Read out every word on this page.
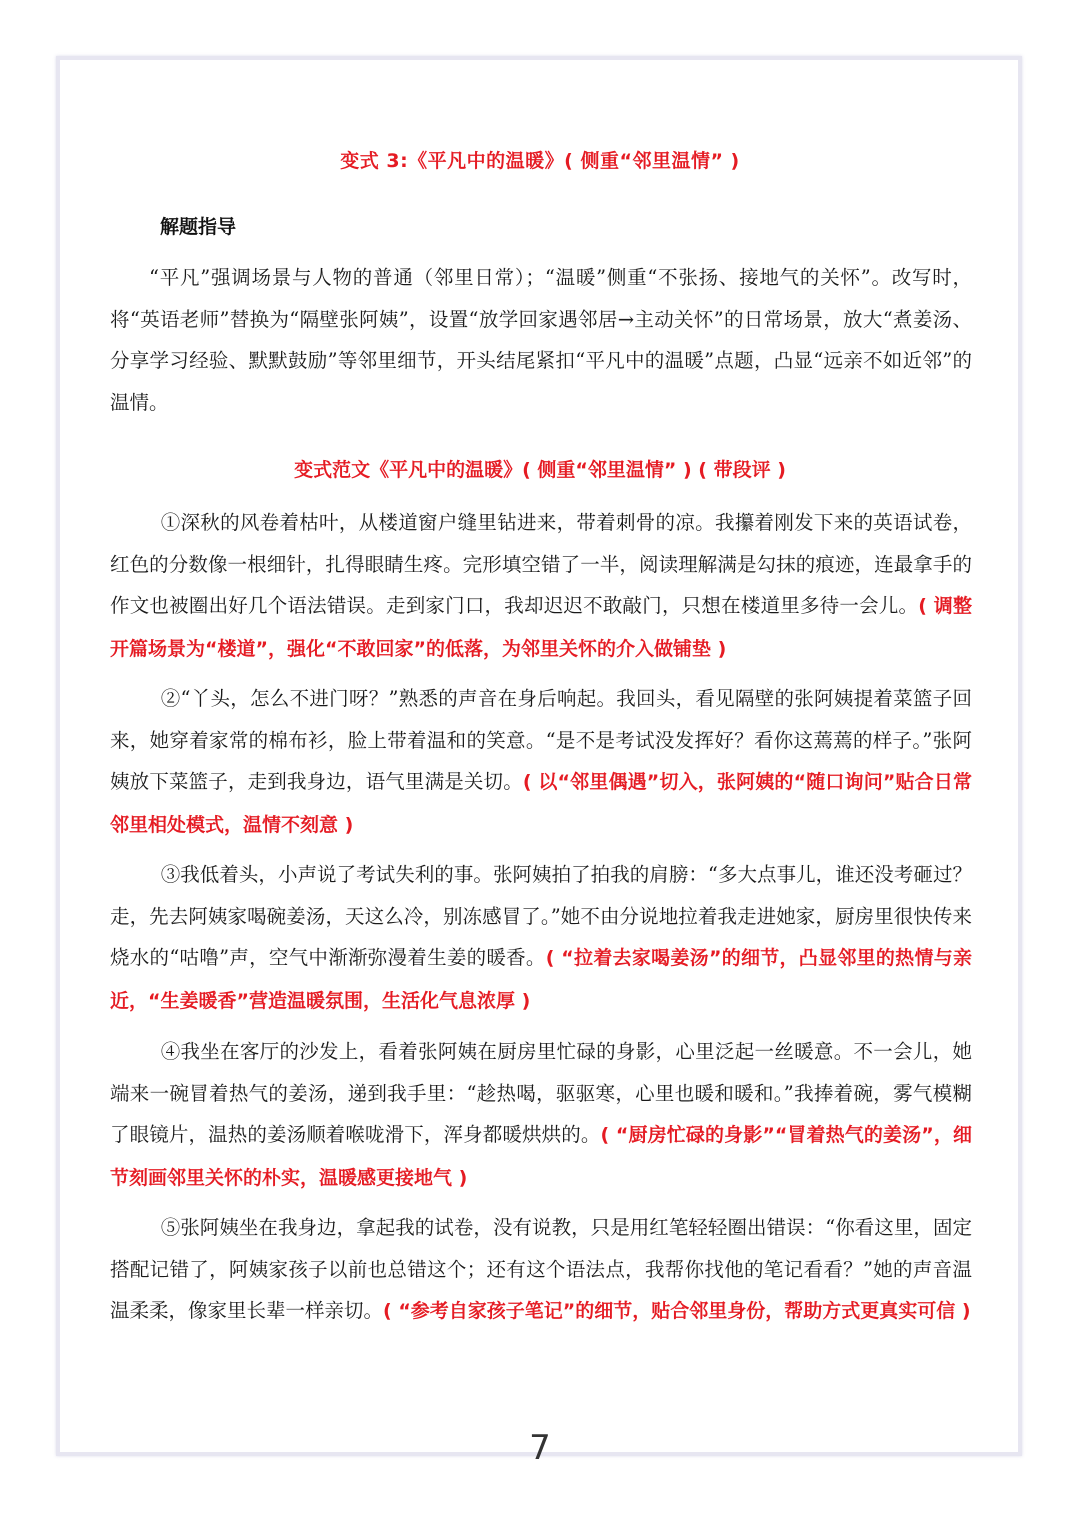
变式 3:《平凡中的温暖》( 侧重“邻里温情” )
解题指导

“平凡”强调场景与人物的普通（邻里日常）；“温暖”侧重“不张扬、接地气的关怀”。改写时，将“英语老师”替换为“隔壁张阿姨”，设置“放学回家遇邻居→主动关怀”的日常场景，放大“煮姜汤、分享学习经验、默默鼓励”等邻里细节，开头结尾紧扣“平凡中的温暖”点题，凸显“远亲不如近邻”的温情。

变式范文《平凡中的温暖》( 侧重“邻里温情” ) ( 带段评 )

①深秋的风卷着枯叶，从楼道窗户缝里钻进来，带着刺骨的凉。我攥着刚发下来的英语试卷，红色的分数像一根细针，扎得眼睛生疼。完形填空错了一半，阅读理解满是勾抹的痕迹，连最拿手的作文也被圈出好几个语法错误。走到家门口，我却迟迟不敢敲门，只想在楼道里多待一会儿。( 调整开篇场景为“楼道”，强化“不敢回家”的低落，为邻里关怀的介入做铺垫 )

②“丫头，怎么不进门呀？”熟悉的声音在身后响起。我回头，看见隔壁的张阿姨提着菜篮子回来，她穿着家常的棉布衫，脸上带着温和的笑意。“是不是考试没发挥好？看你这蔫蔫的样子。”张阿姨放下菜篮子，走到我身边，语气里满是关切。( 以“邻里偶遇”切入，张阿姨的“随口询问”贴合日常邻里相处模式，温情不刻意 )

③我低着头，小声说了考试失利的事。张阿姨拍了拍我的肩膀：“多大点事儿，谁还没考砸过？走，先去阿姨家喝碗姜汤，天这么冷，别冻感冒了。”她不由分说地拉着我走进她家，厨房里很快传来烧水的“咕噜”声，空气中渐渐弥漫着生姜的暖香。( “拉着去家喝姜汤”的细节，凸显邻里的热情与亲近，“生姜暖香”营造温暖氛围，生活化气息浓厚 )

④我坐在客厅的沙发上，看着张阿姨在厨房里忙碌的身影，心里泛起一丝暖意。不一会儿，她端来一碗冒着热气的姜汤，递到我手里：“趁热喝，驱驱寒，心里也暖和暖和。”我捧着碗，雾气模糊了眼镜片，温热的姜汤顺着喉咙滑下，浑身都暖烘烘的。( “厨房忙碌的身影”“冒着热气的姜汤”，细节刻画邻里关怀的朴实，温暖感更接地气 )

⑤张阿姨坐在我身边，拿起我的试卷，没有说教，只是用红笔轻轻圈出错误：“你看这里，固定搭配记错了，阿姨家孩子以前也总错这个；还有这个语法点，我帮你找他的笔记看看？”她的声音温温柔柔，像家里长辈一样亲切。( “参考自家孩子笔记”的细节，贴合邻里身份，帮助方式更真实可信 )

7
